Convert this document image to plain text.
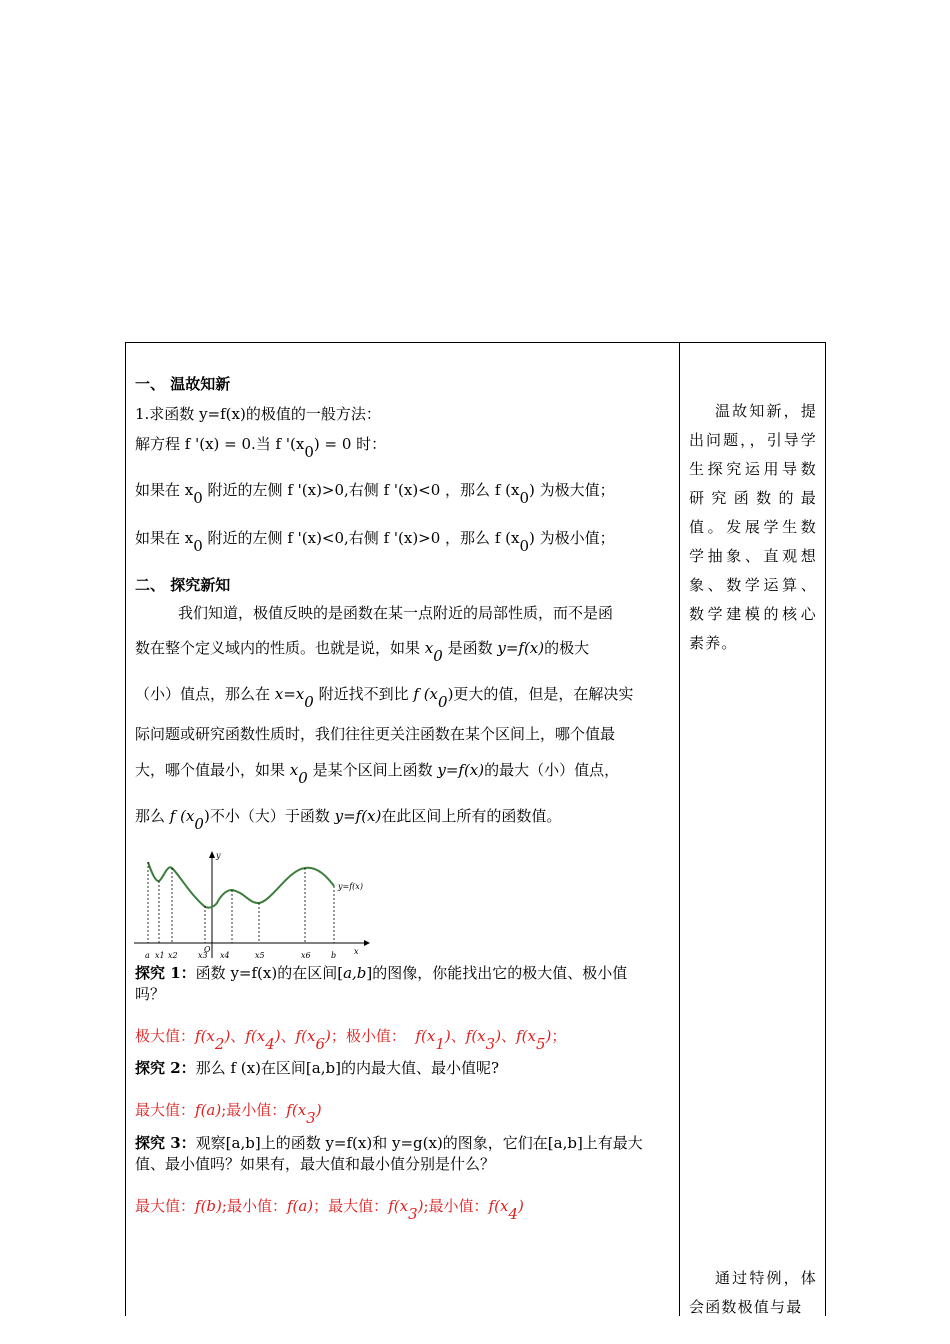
一、 温故知新
1.求函数 y=f(x)的极值的一般方法：
解方程 f '(x) = 0.当 f '(x0) = 0 时：
如果在 x0 附近的左侧 f '(x)>0,右侧 f '(x)<0 ，那么 f (x0) 为极大值；
如果在 x0 附近的左侧 f '(x)<0,右侧 f '(x)>0 ，那么 f (x0) 为极小值；
二、 探究新知
我们知道，极值反映的是函数在某一点附近的局部性质，而不是函
数在整个定义域内的性质。也就是说，如果 x0 是函数 y=f(x)的极大
（小）值点，那么在 x=x0 附近找不到比 f (x0)更大的值，但是，在解决实
际问题或研究函数性质时，我们往往更关注函数在某个区间上，哪个值最
大，哪个值最小，如果 x0 是某个区间上函数 y=f(x)的最大（小）值点，
那么 f (x0)不小（大）于函数 y=f(x)在此区间上所有的函数值。
y
x
O
y=f(x)
a x1 x2	x3 x4	x5	x6	b
探究 1：函数 y=f(x)的在区间[a,b]的图像，你能找出它的极大值、极小值
吗？
极大值：f(x2)、f(x4)、f(x6)；极小值： f(x1)、f(x3)、f(x5)；
探究 2：那么 f (x)在区间[a,b]的内最大值、最小值呢?
最大值：f(a);最小值：f(x3)
探究 3：观察[a,b]上的函数 y=f(x)和 y=g(x)的图象，它们在[a,b]上有最大
值、最小值吗？如果有，最大值和最小值分别是什么？
最大值：f(b);最小值：f(a)；最大值：f(x3);最小值：f(x4)
温故知新，提出问题，，引导学生探究运用导数研究函数的最值。发展学生数学抽象、直观想象、数学运算、数学建模的核心素养。
通过特例，体会函数极值与最
